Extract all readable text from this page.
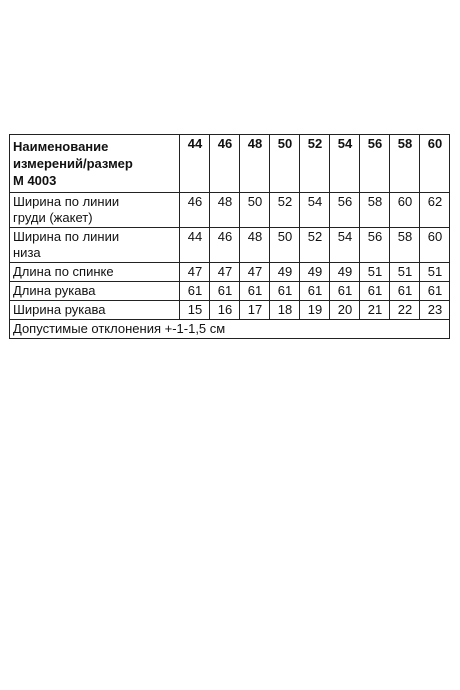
Наименование
измерений/размер
М 4003	44	46	48	50	52	54	56	58	60
Ширина по линии
груди (жакет)	46	48	50	52	54	56	58	60	62
Ширина по линии
низа	44	46	48	50	52	54	56	58	60
Длина по спинке	47	47	47	49	49	49	51	51	51
Длина рукава	61	61	61	61	61	61	61	61	61
Ширина рукава	15	16	17	18	19	20	21	22	23
Допустимые отклонения +-1-1,5 см									
